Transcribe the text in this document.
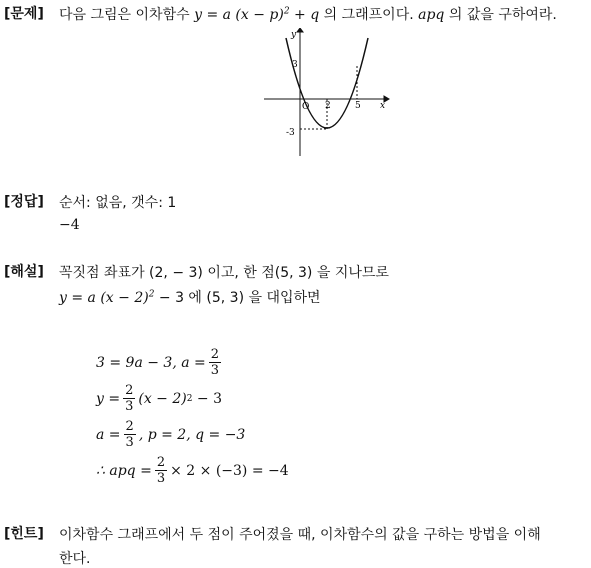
[문제] 다음 그림은 이차함수 y = a $(x - p)^2 + q$ 의 그래프이다. apq 의 값을 구하여라.
y
x
O
3
-3
2	5
[정답] 순서: 없음, 갯수: 1
−4
[해설] 꼭짓점 좌표가 (2, − 3) 이고, 한 점(5, 3) 을 지나므로
y = a $(x - 2)^2 - 3$ 에 (5, 3) 을 대입하면
3 = 9a − 3, $a = \frac{2}{3}$
$y = \frac{2}{3} (x - 2)$ 2
− 3
$a = \frac{2}{3}$ , p = 2, q = −3
∴ apq = $\frac{2}{3} \times 2 \times (-3) = -4$
[힌트] 이차함수 그래프에서 두 점이 주어졌을 때, 이차함수의 값을 구하는 방법을 이해
한다.
